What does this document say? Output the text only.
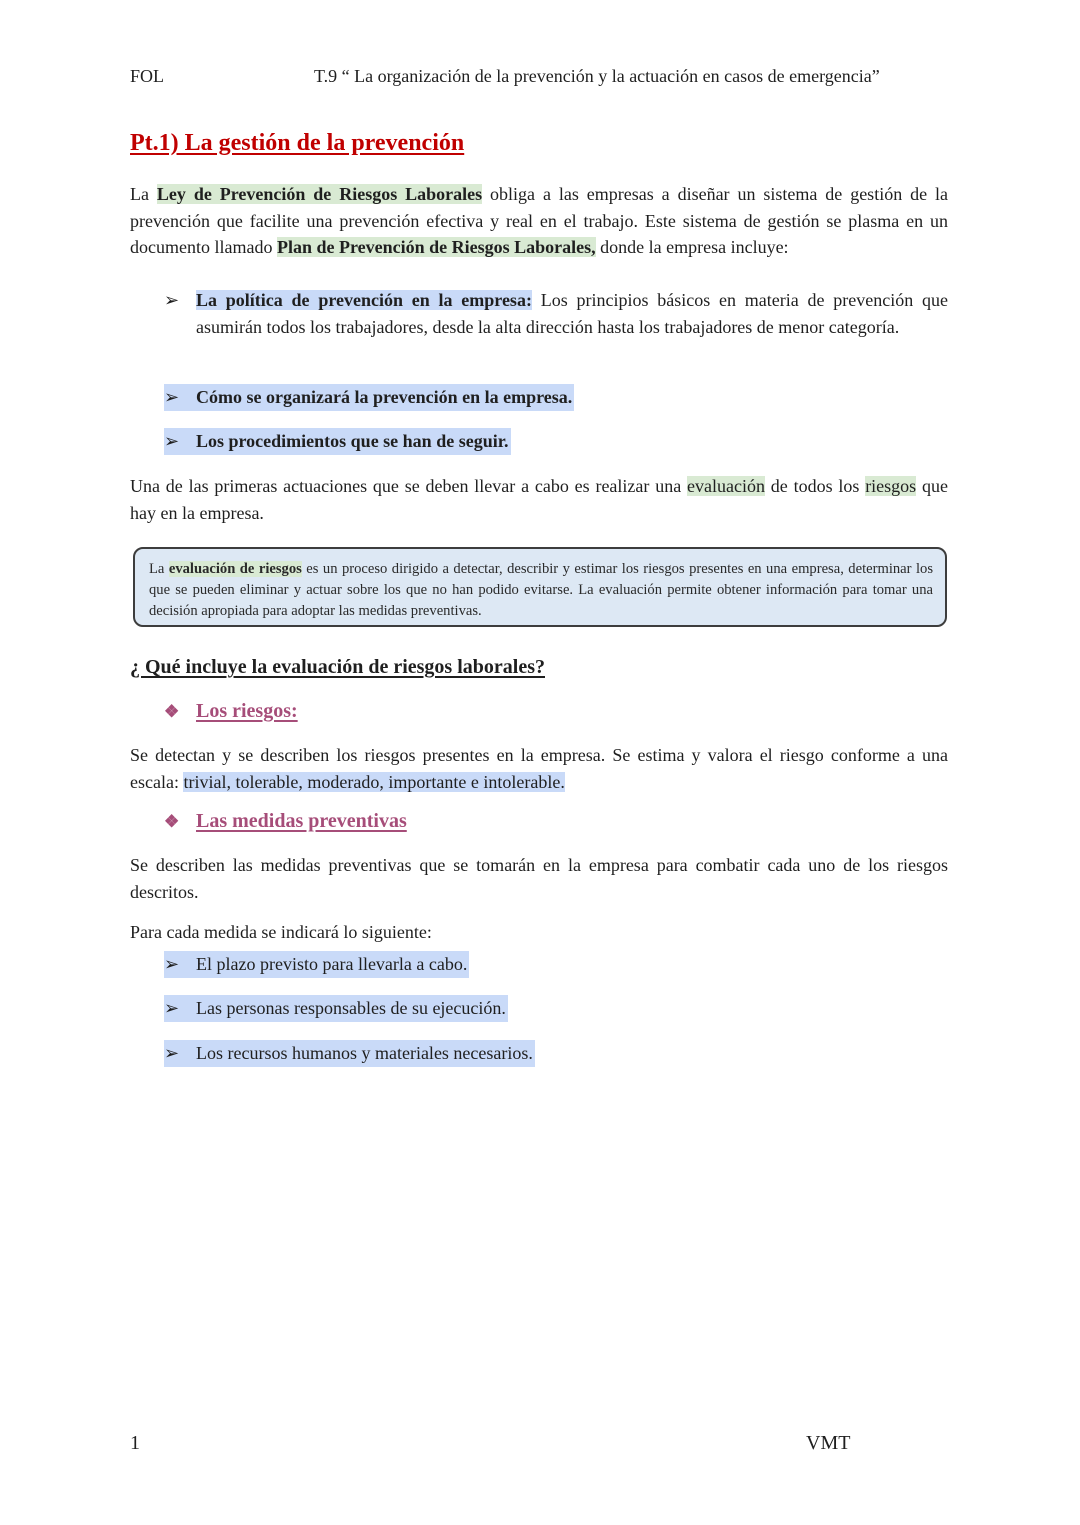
FOL	T.9 “ La organización de la prevención y la actuación en casos de emergencia”
Pt.1) La gestión de la prevención

La Ley de Prevención de Riesgos Laborales obliga a las empresas a diseñar un sistema de gestión de la prevención que facilite una prevención efectiva y real en el trabajo. Este sistema de gestión se plasma en un documento llamado Plan de Prevención de Riesgos Laborales, donde la empresa incluye:

➢ La política de prevención en la empresa: Los principios básicos en materia de prevención que asumirán todos los trabajadores, desde la alta dirección hasta los trabajadores de menor categoría.
➢ Cómo se organizará la prevención en la empresa.
➢ Los procedimientos que se han de seguir.

Una de las primeras actuaciones que se deben llevar a cabo es realizar una evaluación de todos los riesgos que hay en la empresa.

La evaluación de riesgos es un proceso dirigido a detectar, describir y estimar los riesgos presentes en una empresa, determinar los que se pueden eliminar y actuar sobre los que no han podido evitarse. La evaluación permite obtener información para tomar una decisión apropiada para adoptar las medidas preventivas.
¿ Qué incluye la evaluación de riesgos laborales?
❖ Los riesgos:

Se detectan y se describen los riesgos presentes en la empresa. Se estima y valora el riesgo conforme a una escala: trivial, tolerable, moderado, importante e intolerable.

❖ Las medidas preventivas

Se describen las medidas preventivas que se tomarán en la empresa para combatir cada uno de los riesgos descritos.

Para cada medida se indicará lo siguiente:

➢ El plazo previsto para llevarla a cabo.
➢ Las personas responsables de su ejecución.
➢ Los recursos humanos y materiales necesarios.
1	VMT
